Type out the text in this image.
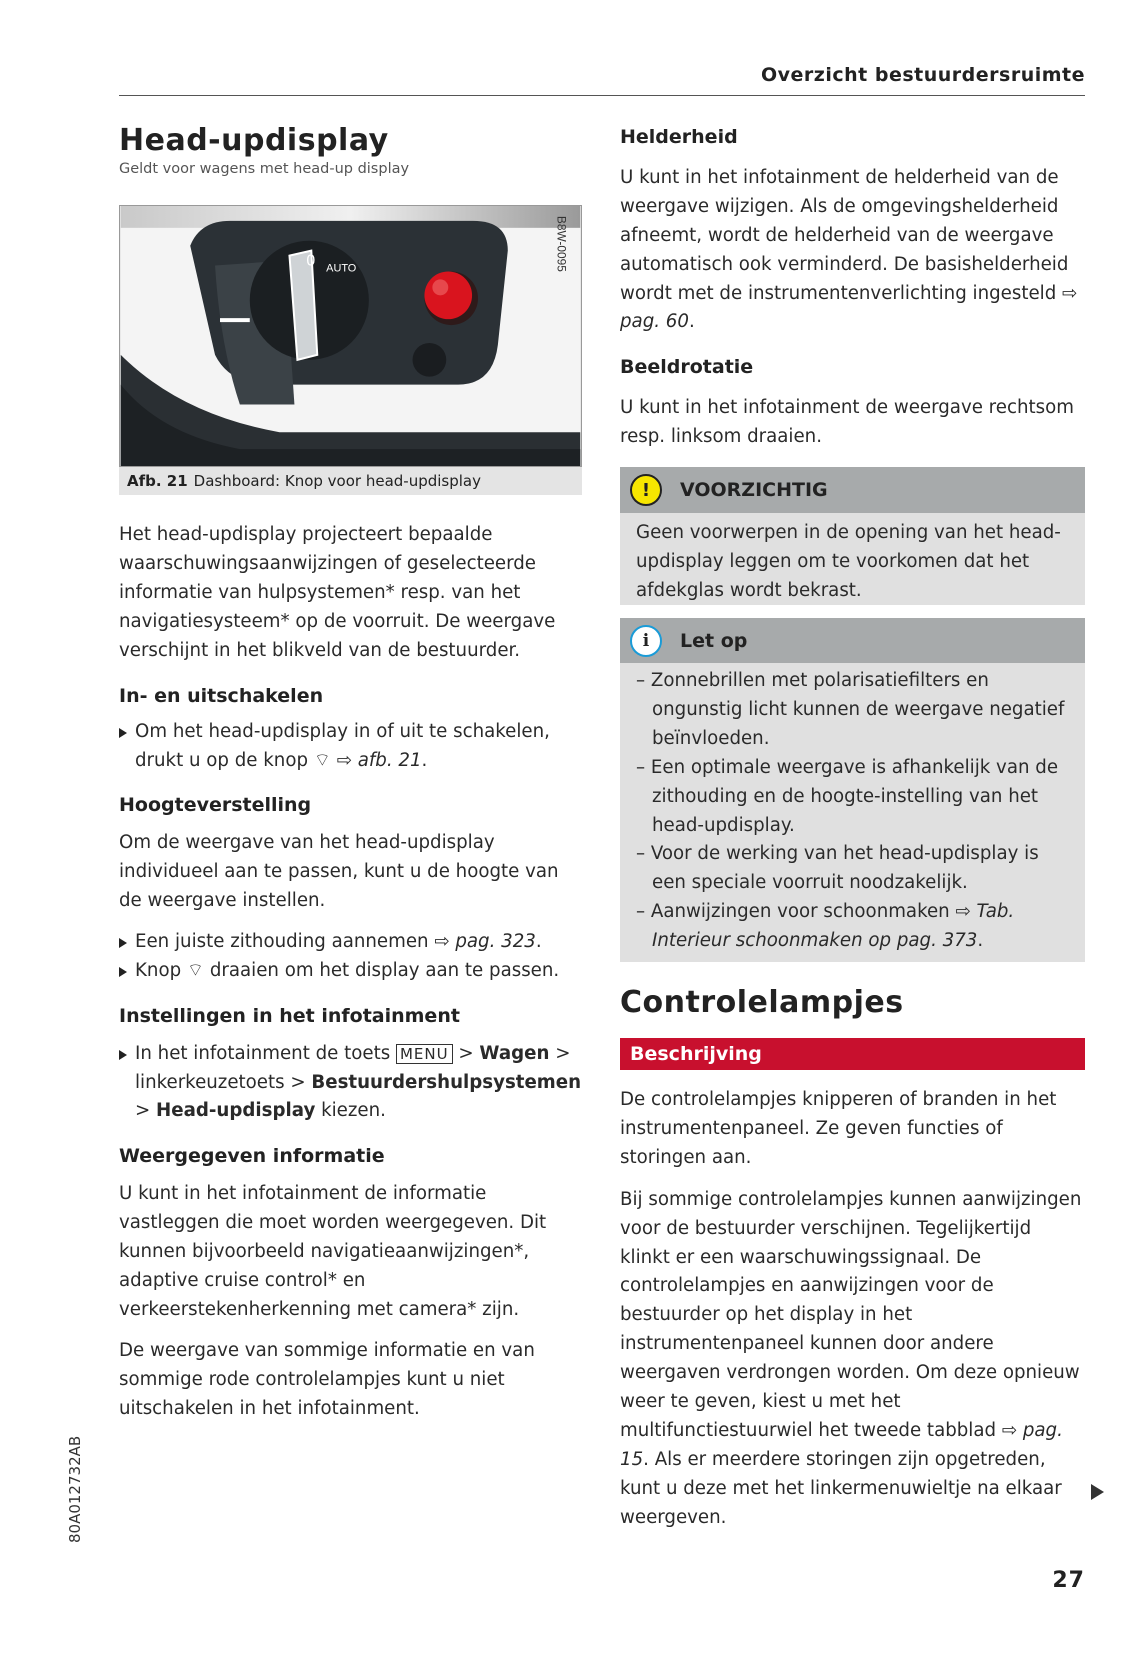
Overzicht bestuurdersruimte
Head-updisplay
Geldt voor wagens met head-up display
0 AUTO	B8W-0095
Afb. 21 Dashboard: Knop voor head-updisplay

Het head-updisplay projecteert bepaalde waarschuwingsaanwijzingen of geselecteerde informatie van hulpsystemen* resp. van het navigatiesysteem* op de voorruit. De weergave verschijnt in het blikveld van de bestuurder.

In- en uitschakelen

Om het head-updisplay in of uit te schakelen, drukt u op de knop ⌔ ⇨ afb. 21.

Hoogteverstelling

Om de weergave van het head-updisplay individueel aan te passen, kunt u de hoogte van de weergave instellen.

Een juiste zithouding aannemen ⇨ pag. 323.

Knop ⌔ draaien om het display aan te passen.

Instellingen in het infotainment

In het infotainment de toets MENU > Wagen > linkerkeuzetoets > Bestuurdershulpsystemen > Head-updisplay kiezen.

Weergegeven informatie

U kunt in het infotainment de informatie vastleggen die moet worden weergegeven. Dit kunnen bijvoorbeeld navigatieaanwijzingen*, adaptive cruise control* en verkeerstekenherkenning met camera* zijn.

De weergave van sommige informatie en van sommige rode controlelampjes kunt u niet uitschakelen in het infotainment.

Helderheid

U kunt in het infotainment de helderheid van de weergave wijzigen. Als de omgevingshelderheid afneemt, wordt de helderheid van de weergave automatisch ook verminderd. De basishelderheid wordt met de instrumentenverlichting ingesteld ⇨ pag. 60.

Beeldrotatie

U kunt in het infotainment de weergave rechtsom resp. linksom draaien.

!	VOORZICHTIG

Geen voorwerpen in de opening van het head-updisplay leggen om te voorkomen dat het afdekglas wordt bekrast.

i	Let op

– Zonnebrillen met polarisatiefilters en ongunstig licht kunnen de weergave negatief beïnvloeden.

– Een optimale weergave is afhankelijk van de zithouding en de hoogte-instelling van het head-updisplay.

– Voor de werking van het head-updisplay is een speciale voorruit noodzakelijk.

– Aanwijzingen voor schoonmaken ⇨ Tab. Interieur schoonmaken op pag. 373.

Controlelampjes
Beschrijving

De controlelampjes knipperen of branden in het instrumentenpaneel. Ze geven functies of storingen aan.

Bij sommige controlelampjes kunnen aanwijzingen voor de bestuurder verschijnen. Tegelijkertijd klinkt er een waarschuwingssignaal. De controlelampjes en aanwijzingen voor de bestuurder op het display in het instrumentenpaneel kunnen door andere weergaven verdrongen worden. Om deze opnieuw weer te geven, kiest u met het multifunctiestuurwiel het tweede tabblad ⇨ pag. 15. Als er meerdere storingen zijn opgetreden, kunt u deze met het linkermenuwieltje na elkaar weergeven.

27
80A012732AB
